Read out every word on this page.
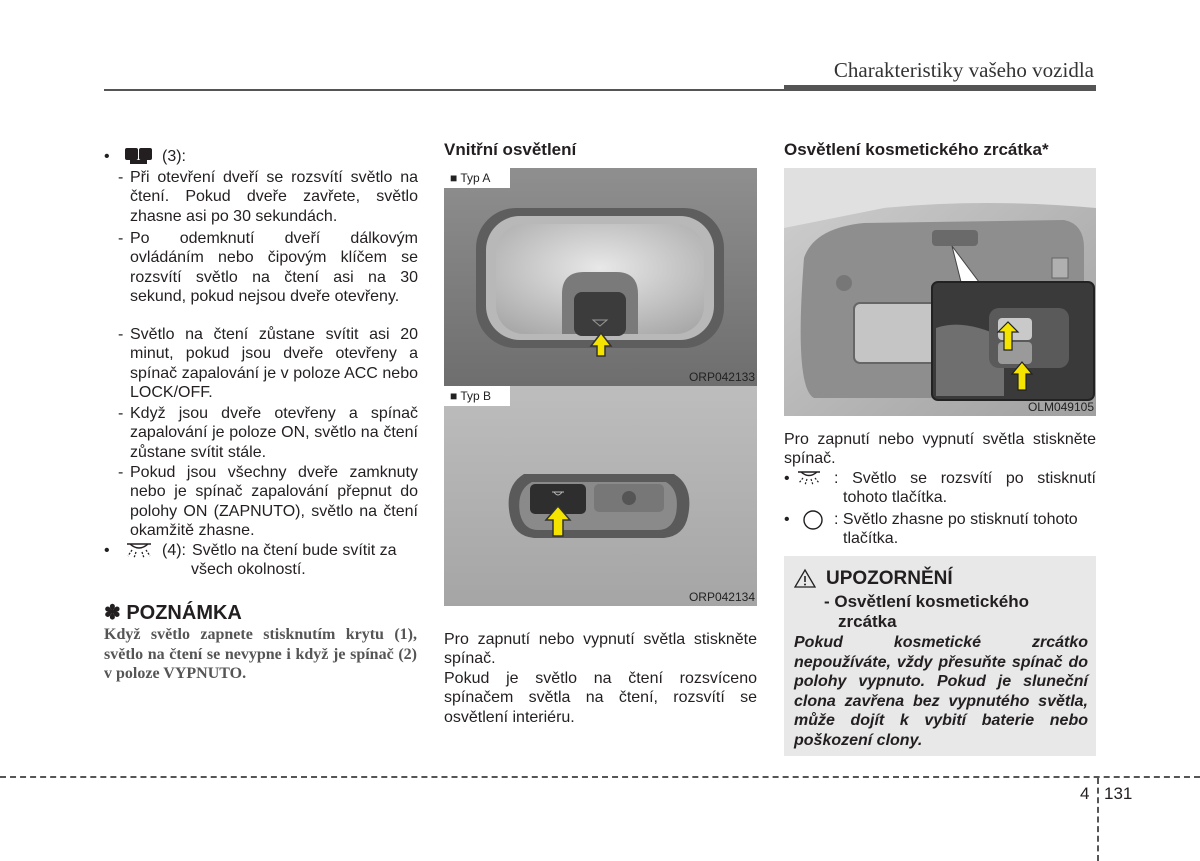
Charakteristiky vašeho vozidla
•	(3):
- Při otevření dveří se rozsvítí světlo na čtení. Pokud dveře zavřete, světlo zhasne asi po 30 sekundách.
- Po odemknutí dveří dálkovým ovládáním nebo čipovým klíčem se rozsvítí světlo na čtení asi na 30 sekund, pokud nejsou dveře otevřeny.
- Světlo na čtení zůstane svítit asi 20 minut, pokud jsou dveře otevřeny a spínač zapalování je v poloze ACC nebo LOCK/OFF.
- Když jsou dveře otevřeny a spínač zapalování je poloze ON, světlo na čtení zůstane svítit stále.
- Pokud jsou všechny dveře zamknuty nebo je spínač zapalování přepnut do polohy ON (ZAPNUTO), světlo na čtení okamžitě zhasne.
•	(4): Světlo na čtení bude svítit za
všech okolností.
✽ POZNÁMKA
Když světlo zapnete stisknutím krytu (1), světlo na čtení se nevypne i když je spínač (2) v poloze VYPNUTO.
Vnitřní osvětlení
■ Typ A
ORP042133
■ Typ B
ORP042134
Pro zapnutí nebo vypnutí světla stiskněte spínač.
Pokud je světlo na čtení rozsvíceno spínačem světla na čtení, rozsvítí se osvětlení interiéru.
Osvětlení kosmetického zrcátka*
OLM049105
Pro zapnutí nebo vypnutí světla stiskněte spínač.
•	: Světlo se rozsvítí po stisknutí
tohoto tlačítka.
•	: Světlo zhasne po stisknutí tohoto
tlačítka.
UPOZORNĚNÍ
- Osvětlení kosmetického
zrcátka
Pokud kosmetické zrcátko nepoužíváte, vždy přesuňte spínač do polohy vypnuto. Pokud je sluneční clona zavřena bez vypnutého světla, může dojít k vybití baterie nebo poškození clony.
4 131
